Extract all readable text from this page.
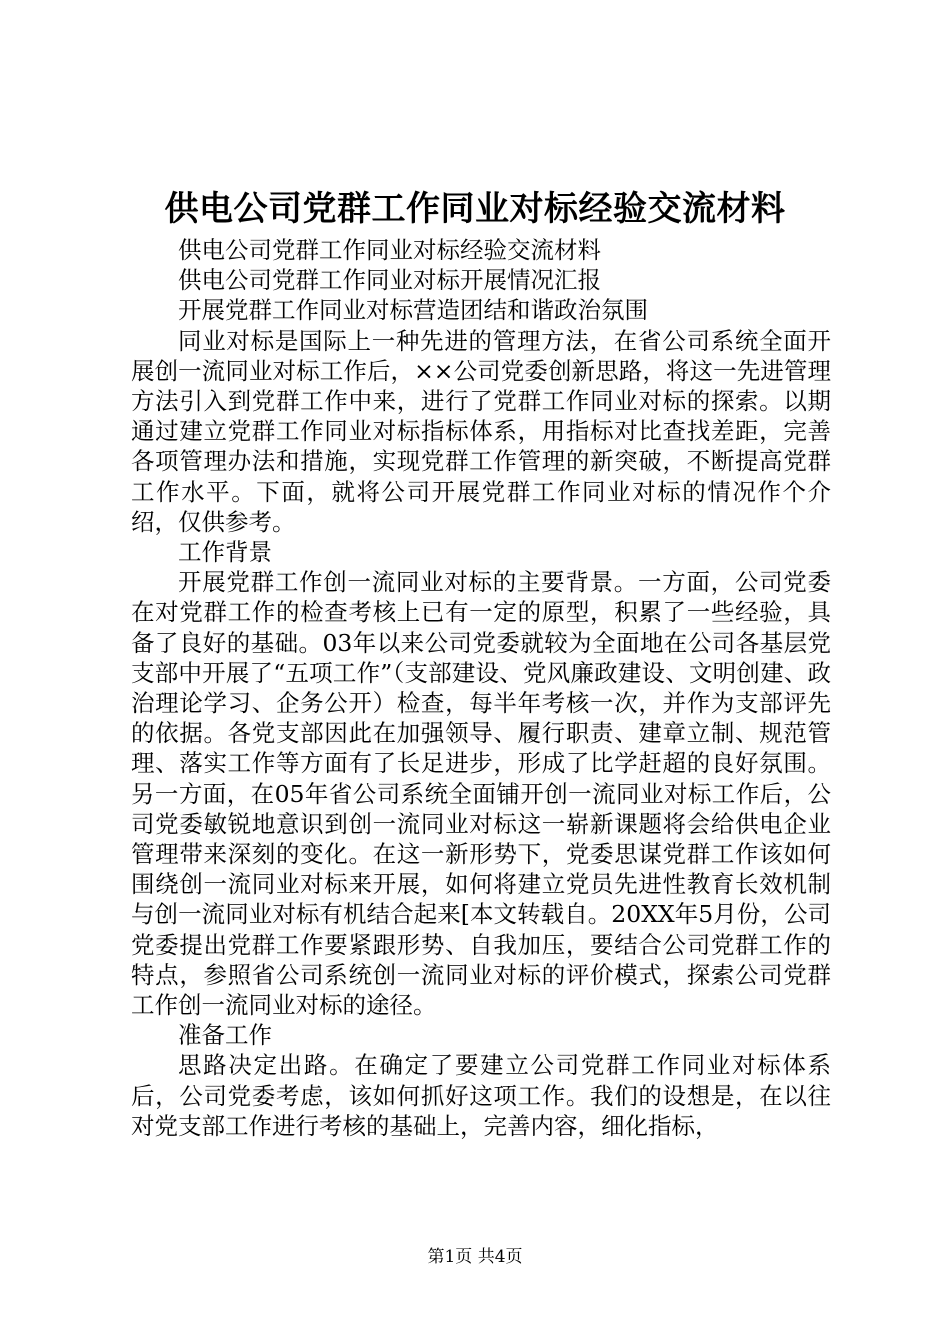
供电公司党群工作同业对标经验交流材料

供电公司党群工作同业对标经验交流材料

供电公司党群工作同业对标开展情况汇报

开展党群工作同业对标营造团结和谐政治氛围

同业对标是国际上一种先进的管理方法，在省公司系统全面开展创一流同业对标工作后，××公司党委创新思路，将这一先进管理方法引入到党群工作中来，进行了党群工作同业对标的探索。以期通过建立党群工作同业对标指标体系，用指标对比查找差距，完善各项管理办法和措施，实现党群工作管理的新突破，不断提高党群工作水平。下面，就将公司开展党群工作同业对标的情况作个介绍，仅供参考。

工作背景

开展党群工作创一流同业对标的主要背景。一方面，公司党委在对党群工作的检查考核上已有一定的原型，积累了一些经验，具备了良好的基础。03年以来公司党委就较为全面地在公司各基层党支部中开展了“五项工作”（支部建设、党风廉政建设、文明创建、政治理论学习、企务公开）检查，每半年考核一次，并作为支部评先的依据。各党支部因此在加强领导、履行职责、建章立制、规范管理、落实工作等方面有了长足进步，形成了比学赶超的良好氛围。另一方面，在05年省公司系统全面铺开创一流同业对标工作后，公司党委敏锐地意识到创一流同业对标这一崭新课题将会给供电企业管理带来深刻的变化。在这一新形势下，党委思谋党群工作该如何围绕创一流同业对标来开展，如何将建立党员先进性教育长效机制与创一流同业对标有机结合起来[本文转载自。20XX年5月份，公司党委提出党群工作要紧跟形势、自我加压，要结合公司党群工作的特点，参照省公司系统创一流同业对标的评价模式，探索公司党群工作创一流同业对标的途径。

准备工作

思路决定出路。在确定了要建立公司党群工作同业对标体系后，公司党委考虑，该如何抓好这项工作。我们的设想是，在以往对党支部工作进行考核的基础上，完善内容，细化指标，

第1页 共4页
